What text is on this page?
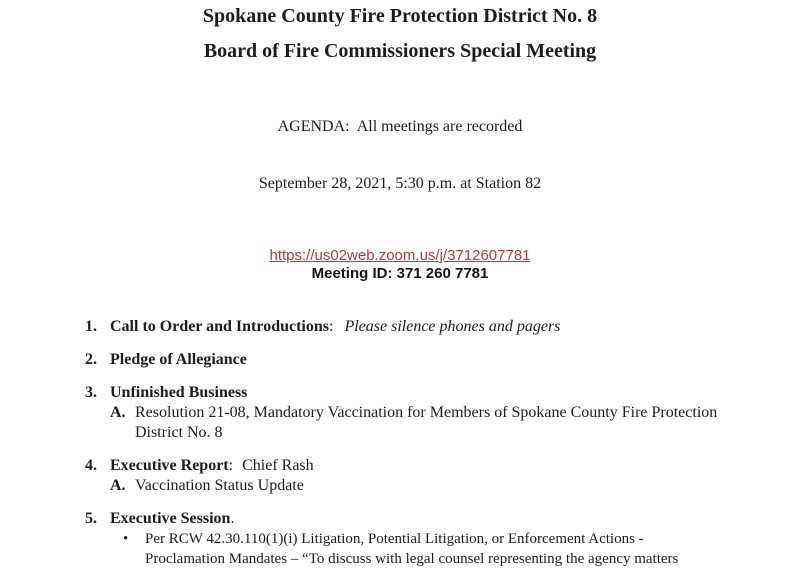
Spokane County Fire Protection District No. 8
Board of Fire Commissioners Special Meeting

AGENDA:  All meetings are recorded

September 28, 2021, 5:30 p.m. at Station 82

https://us02web.zoom.us/j/3712607781
Meeting ID: 371 260 7781
1. Call to Order and Introductions: Please silence phones and pagers
2. Pledge of Allegiance
3. Unfinished Business
A. Resolution 21-08, Mandatory Vaccination for Members of Spokane County Fire Protection
District No. 8
4. Executive Report: Chief Rash
A. Vaccination Status Update
5. Executive Session.
•	Per RCW 42.30.110(1)(i) Litigation, Potential Litigation, or Enforcement Actions -
Proclamation Mandates – “To discuss with legal counsel representing the agency matters
